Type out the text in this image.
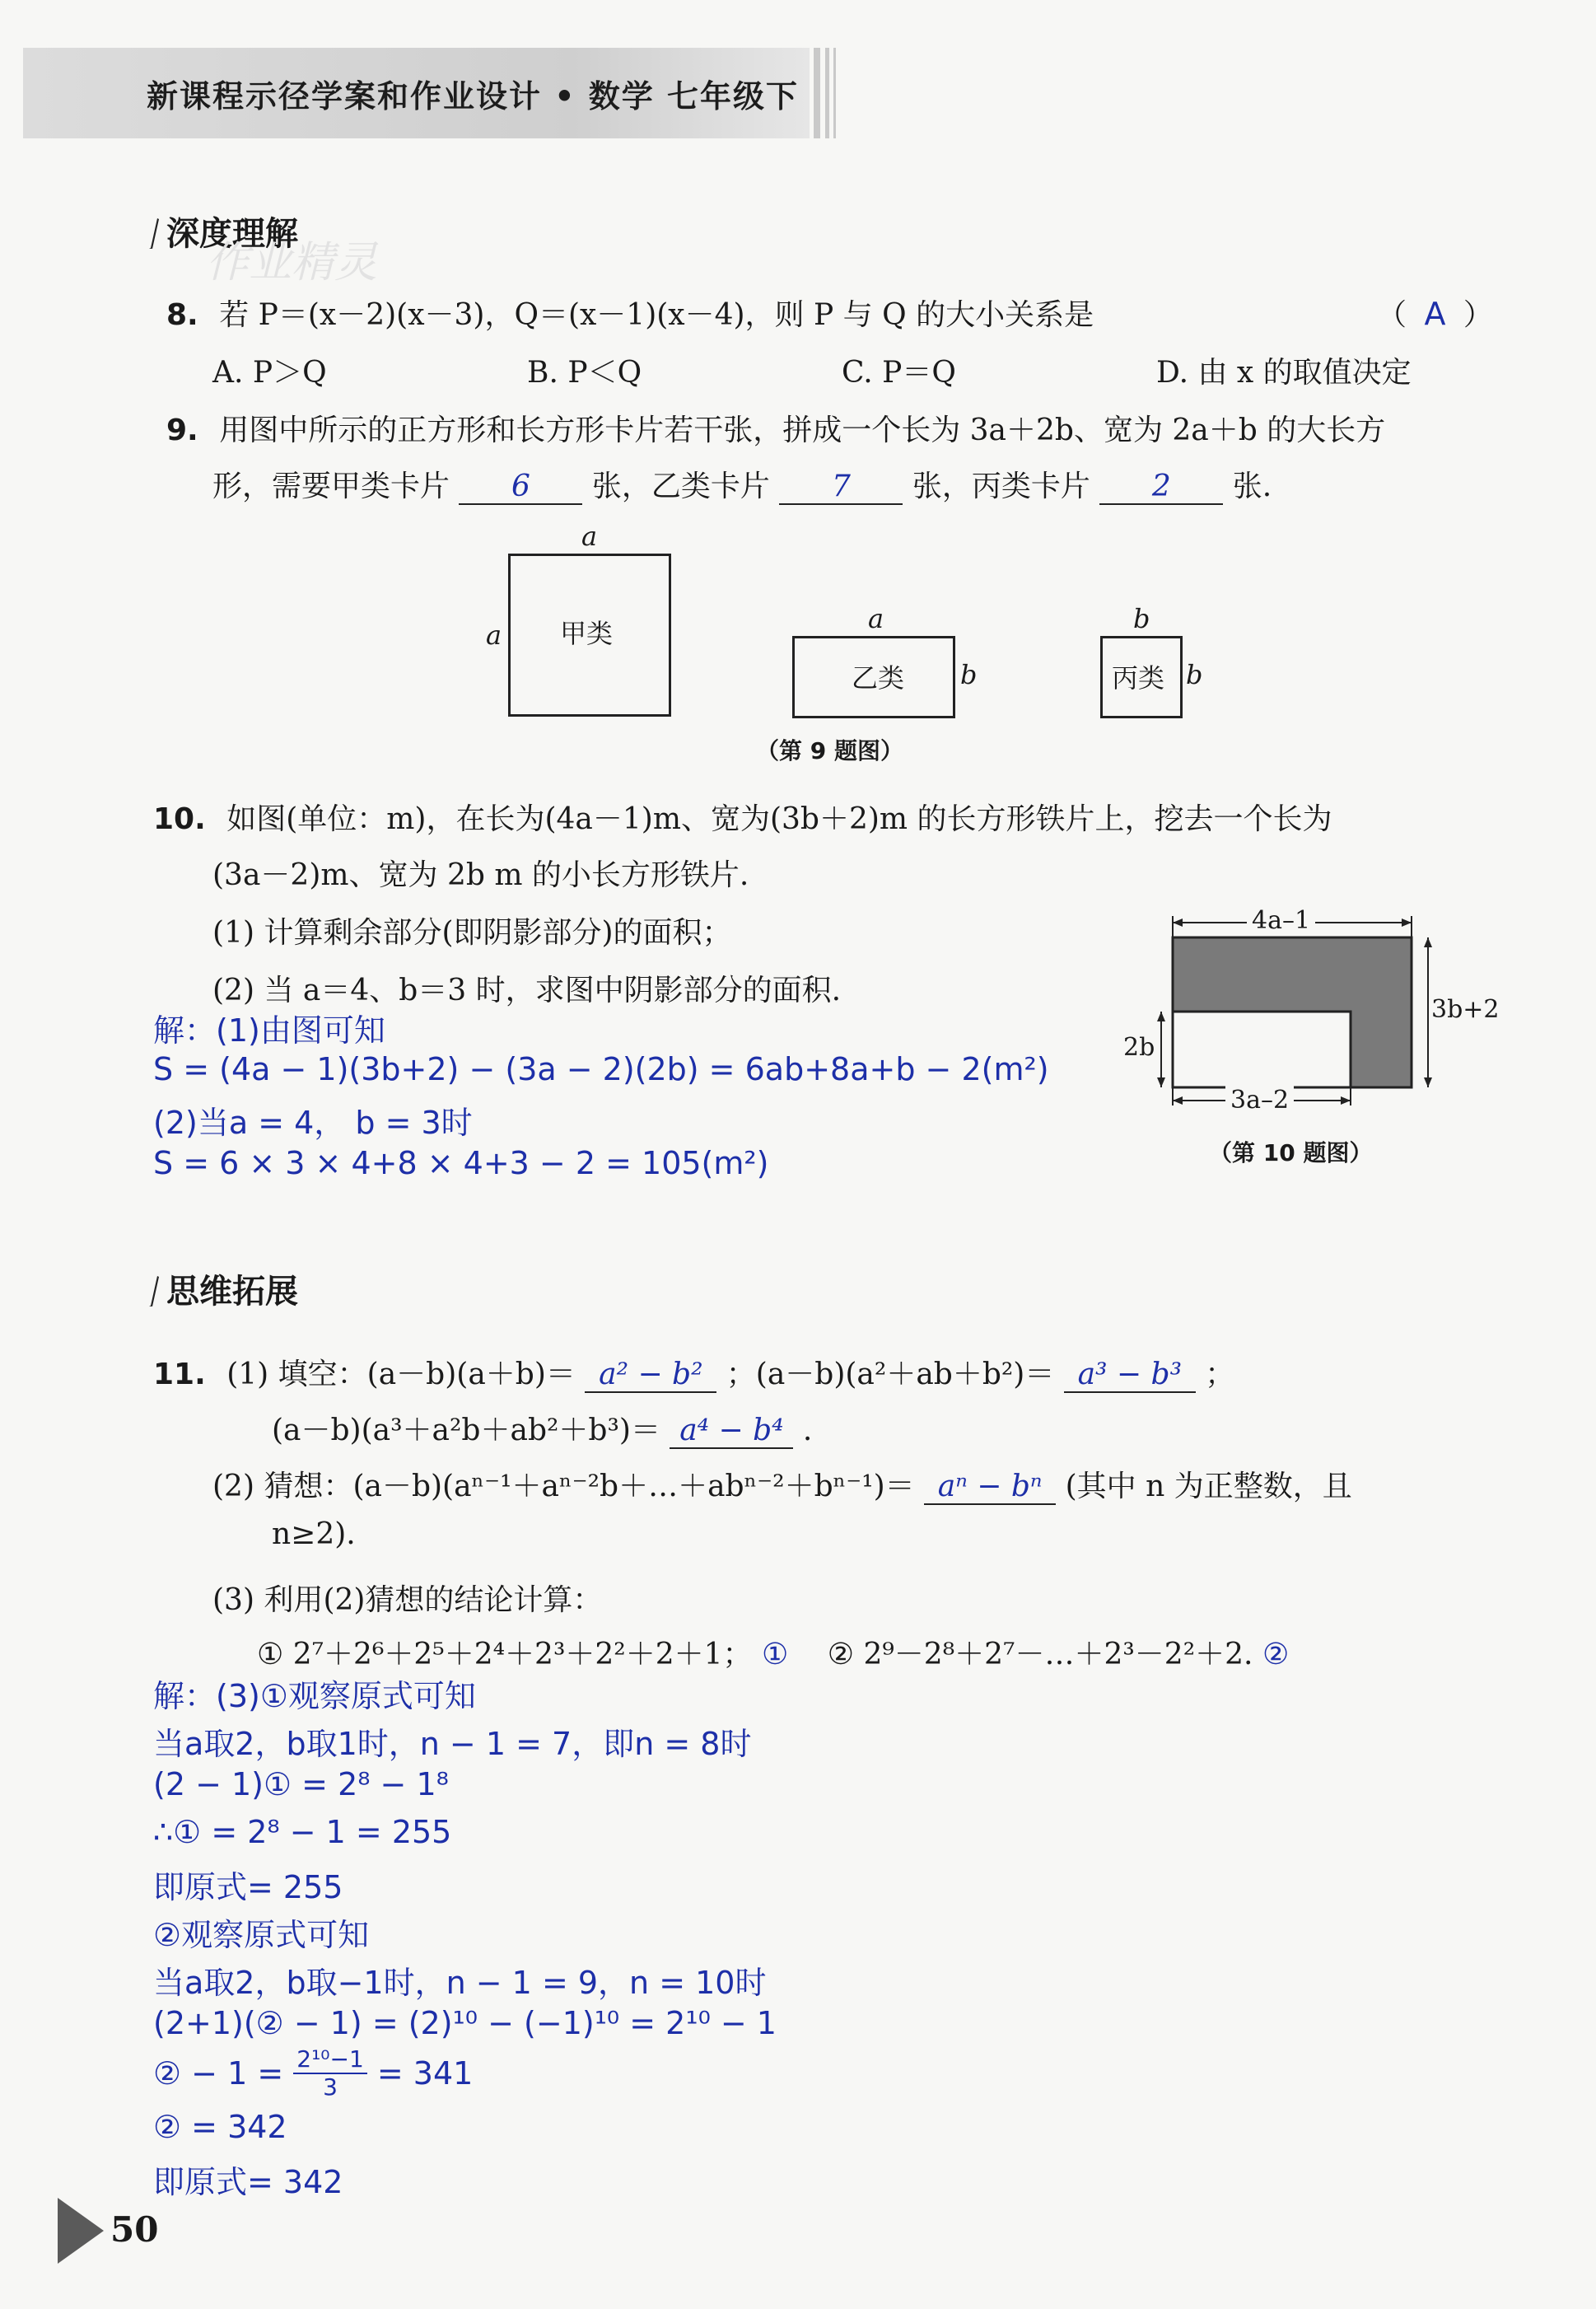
新课程示径学案和作业设计 • 数学 七年级下
深度理解
作业精灵
8. 若 P＝(x－2)(x－3)，Q＝(x－1)(x－4)，则 P 与 Q 的大小关系是	（ A ）
A. P＞Q	B. P＜Q	C. P＝Q	D. 由 x 的取值决定
9. 用图中所示的正方形和长方形卡片若干张，拼成一个长为 3a＋2b、宽为 2a＋b 的大长方
形，需要甲类卡片 6 张，乙类卡片 7 张，丙类卡片 2 张.
甲类
a
a
乙类
a
b	丙类
b
b
（第 9 题图）
10. 如图(单位：m)，在长为(4a－1)m、宽为(3b＋2)m 的长方形铁片上，挖去一个长为
(3a－2)m、宽为 2b m 的小长方形铁片.
(1) 计算剩余部分(即阴影部分)的面积；
(2) 当 a＝4、b＝3 时，求图中阴影部分的面积.
解：(1)由图可知
S = (4a − 1)(3b+2) − (3a − 2)(2b) = 6ab+8a+b − 2(m²)
(2)当a = 4， b = 3时
S = 6 × 3 × 4+8 × 4+3 − 2 = 105(m²)
4a–1
3b+2
2b
3a–2
（第 10 题图）
思维拓展
11. (1) 填空：(a－b)(a＋b)＝ a² − b² ；(a－b)(a²＋ab＋b²)＝ a³ − b³ ；
(a－b)(a³＋a²b＋ab²＋b³)＝ a⁴ − b⁴ .
(2) 猜想：(a－b)(aⁿ⁻¹＋aⁿ⁻²b＋…＋abⁿ⁻²＋bⁿ⁻¹)＝ aⁿ − bⁿ (其中 n 为正整数，且
n≥2).
(3) 利用(2)猜想的结论计算：
① 2⁷＋2⁶＋2⁵＋2⁴＋2³＋2²＋2＋1； ① ② 2⁹－2⁸＋2⁷－…＋2³－2²＋2. ②
解：(3)①观察原式可知
当a取2，b取1时，n − 1 = 7，即n = 8时
(2 − 1)① = 2⁸ − 1⁸
∴① = 2⁸ − 1 = 255
即原式= 255
②观察原式可知
当a取2，b取−1时，n − 1 = 9，n = 10时
(2+1)(② − 1) = (2)¹⁰ − (−1)¹⁰ = 2¹⁰ − 1
② − $1 = \frac{\text{2¹⁰−1}}{3} = 341$
② = 342
即原式= 342
50
